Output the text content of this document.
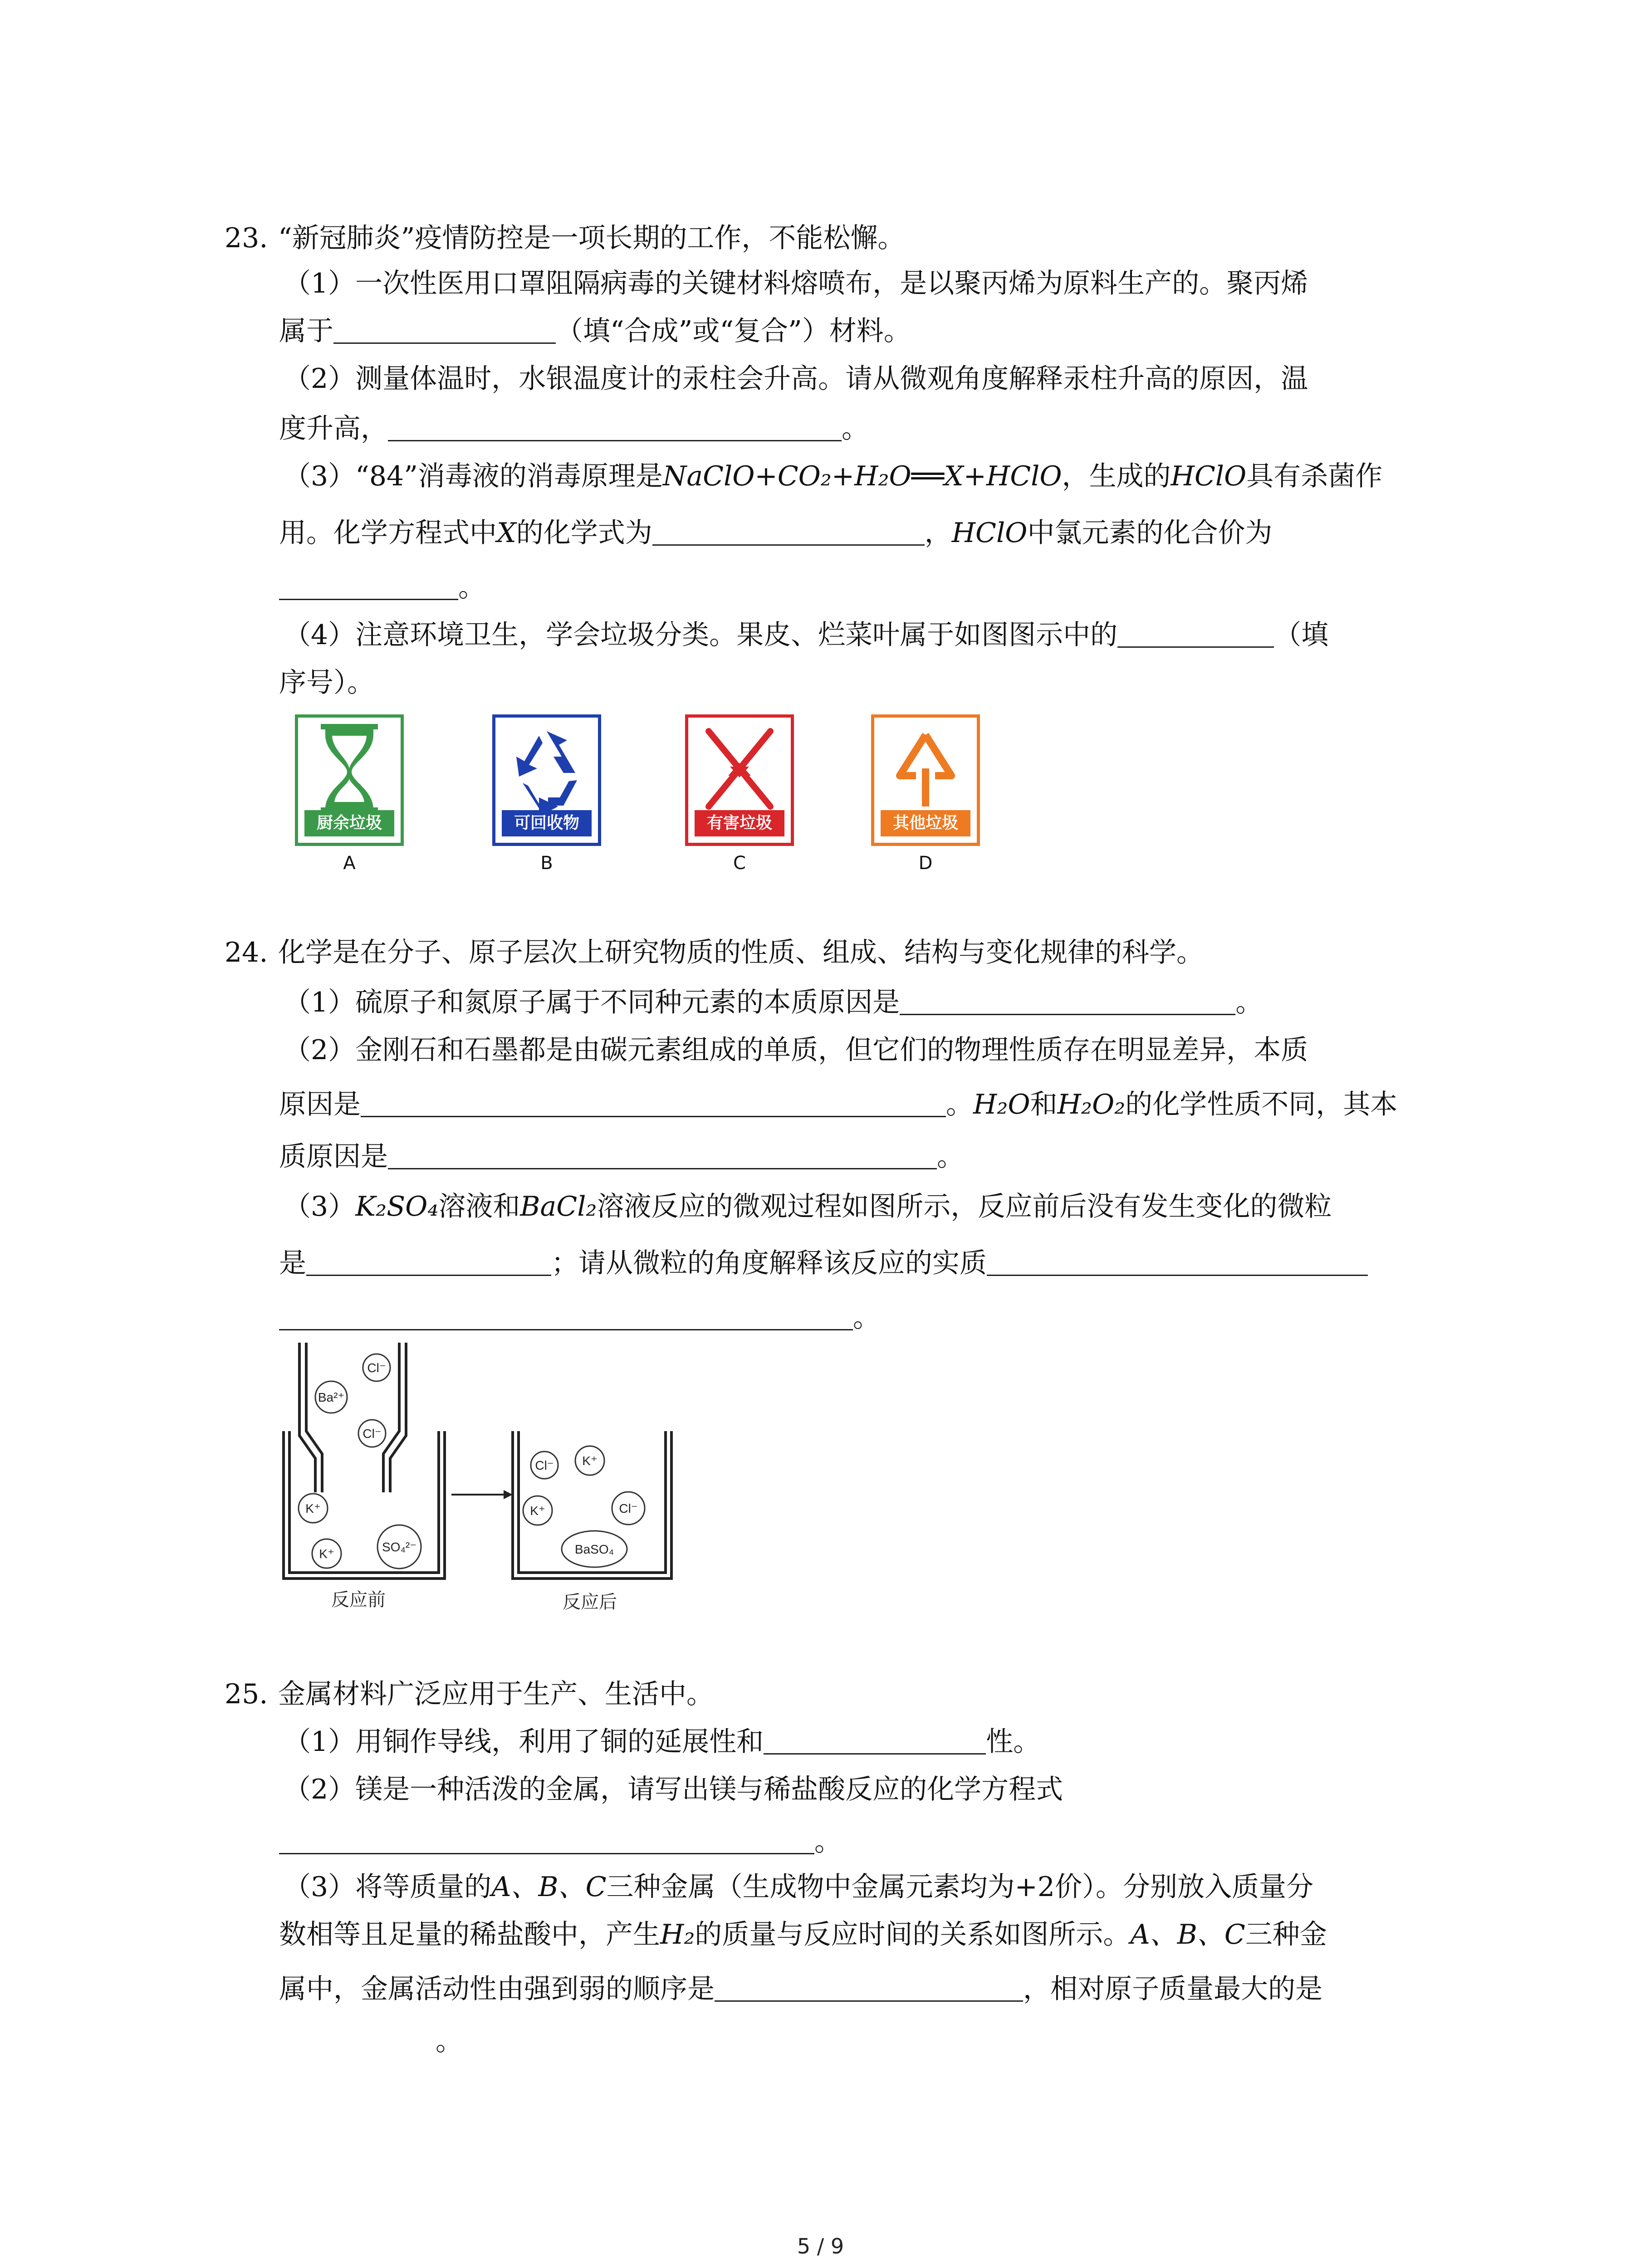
23. “新冠肺炎”疫情防控是一项长期的工作，不能松懈。
（1）一次性医用口罩阻隔病毒的关键材料熔喷布，是以聚丙烯为原料生产的。聚丙烯
属于	（填“合成”或“复合”）材料。
（2）测量体温时，水银温度计的汞柱会升高。请从微观角度解释汞柱升高的原因，温
度升高，	。
（3）“84”消毒液的消毒原理是NaClO+CO₂+H₂O══X+HClO，生成的HClO具有杀菌作
用。化学方程式中X的化学式为	，HClO中氯元素的化合价为
。
（4）注意环境卫生，学会垃圾分类。果皮、烂菜叶属于如图图示中的	（填
序号）。
厨余垃圾
A
可回收物
B
有害垃圾
C
其他垃圾
D
24. 化学是在分子、原子层次上研究物质的性质、组成、结构与变化规律的科学。
（1）硫原子和氮原子属于不同种元素的本质原因是	。
（2）金刚石和石墨都是由碳元素组成的单质，但它们的物理性质存在明显差异，本质
原因是	。H₂O和H₂O₂的化学性质不同，其本
质原因是	。
（3）K₂SO₄溶液和BaCl₂溶液反应的微观过程如图所示，反应前后没有发生变化的微粒
是	；请从微粒的角度解释该反应的实质
。
Cl⁻
Ba²⁺
Cl⁻
K⁺
K⁺	SO₄²⁻
Cl⁻ K⁺
K⁺	Cl⁻
BaSO₄
反应前	反应后
25. 金属材料广泛应用于生产、生活中。
（1）用铜作导线，利用了铜的延展性和	性。
（2）镁是一种活泼的金属，请写出镁与稀盐酸反应的化学方程式
。
（3）将等质量的A、B、C三种金属（生成物中金属元素均为+2价）。分别放入质量分
数相等且足量的稀盐酸中，产生H₂的质量与反应时间的关系如图所示。A、B、C三种金
属中，金属活动性由强到弱的顺序是	，相对原子质量最大的是
。
5 / 9
